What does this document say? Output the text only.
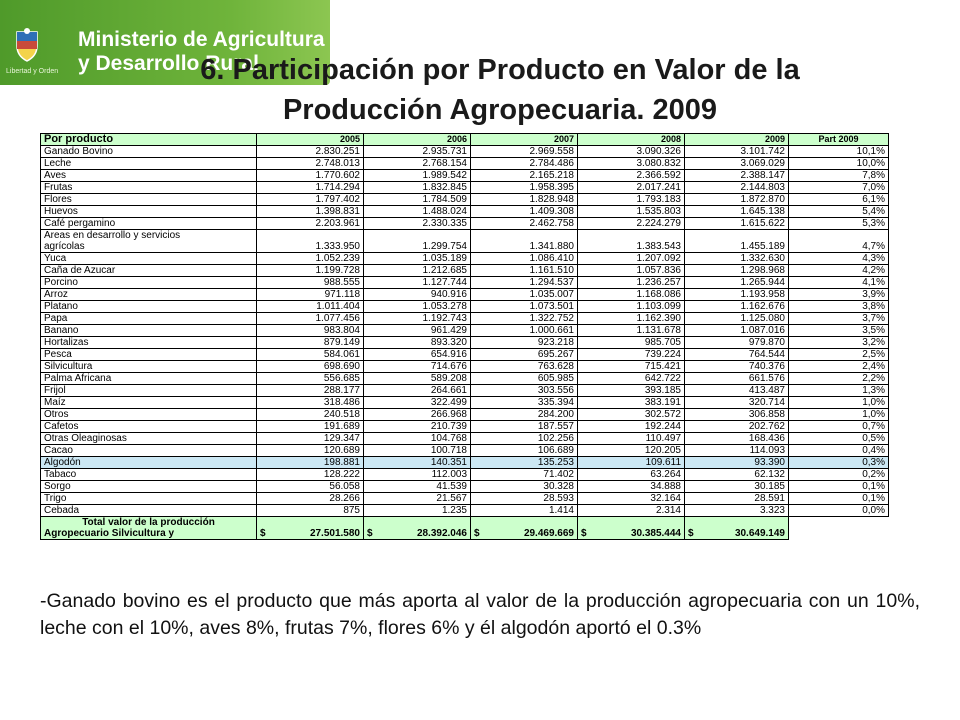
Libertad y Orden
Ministerio de Agricultura
y Desarrollo Rural
6. Participación por Producto en Valor de la
Producción Agropecuaria. 2009
Por producto	2005	2006	2007	2008	2009	Part 2009
Ganado Bovino	2.830.251	2.935.731	2.969.558	3.090.326	3.101.742	10,1%
Leche	2.748.013	2.768.154	2.784.486	3.080.832	3.069.029	10,0%
Aves	1.770.602	1.989.542	2.165.218	2.366.592	2.388.147	7,8%
Frutas	1.714.294	1.832.845	1.958.395	2.017.241	2.144.803	7,0%
Flores	1.797.402	1.784.509	1.828.948	1.793.183	1.872.870	6,1%
Huevos	1.398.831	1.488.024	1.409.308	1.535.803	1.645.138	5,4%
Café pergamino	2.203.961	2.330.335	2.462.758	2.224.279	1.615.622	5,3%
Areas en desarrollo y servicios						
agrícolas	1.333.950	1.299.754	1.341.880	1.383.543	1.455.189	4,7%
Yuca	1.052.239	1.035.189	1.086.410	1.207.092	1.332.630	4,3%
Caña de Azucar	1.199.728	1.212.685	1.161.510	1.057.836	1.298.968	4,2%
Porcino	988.555	1.127.744	1.294.537	1.236.257	1.265.944	4,1%
Arroz	971.118	940.916	1.035.007	1.168.086	1.193.958	3,9%
Platano	1.011.404	1.053.278	1.073.501	1.103.099	1.162.676	3,8%
Papa	1.077.456	1.192.743	1.322.752	1.162.390	1.125.080	3,7%
Banano	983.804	961.429	1.000.661	1.131.678	1.087.016	3,5%
Hortalizas	879.149	893.320	923.218	985.705	979.870	3,2%
Pesca	584.061	654.916	695.267	739.224	764.544	2,5%
Silvicultura	698.690	714.676	763.628	715.421	740.376	2,4%
Palma Africana	556.685	589.208	605.985	642.722	661.576	2,2%
Frijol	288.177	264.661	303.556	393.185	413.487	1,3%
Maíz	318.486	322.499	335.394	383.191	320.714	1,0%
Otros	240.518	266.968	284.200	302.572	306.858	1,0%
Cafetos	191.689	210.739	187.557	192.244	202.762	0,7%
Otras Oleaginosas	129.347	104.768	102.256	110.497	168.436	0,5%
Cacao	120.689	100.718	106.689	120.205	114.093	0,4%
Algodón	198.881	140.351	135.253	109.611	93.390	0,3%
Tabaco	128.222	112.003	71.402	63.264	62.132	0,2%
Sorgo	56.058	41.539	30.328	34.888	30.185	0,1%
Trigo	28.266	21.567	28.593	32.164	28.591	0,1%
Cebada	875	1.235	1.414	2.314	3.323	0,0%
Total valor de la producción						
Agropecuario Silvicultura y	$ 27.501.580	$ 28.392.046	$ 29.469.669	$ 30.385.444	$ 30.649.149	
-Ganado bovino es el producto que más aporta al valor de la producción agropecuaria con un 10%, leche con el 10%, aves 8%, frutas 7%, flores 6% y él algodón aportó el 0.3%
